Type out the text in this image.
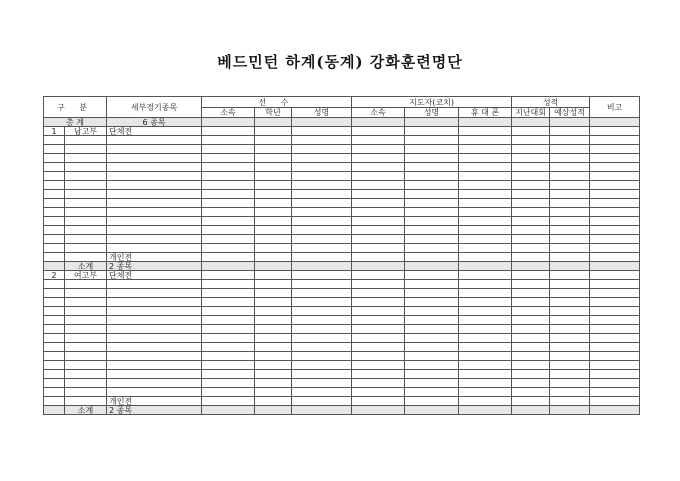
베드민턴 하계(동계) 강화훈련명단
구 분		세부경기종목	선 수			지도자(코치)			성적		비고
			소속	학년	성명	소속	성명	휴 대 폰	지난대회	예상성적	
총 계		6 종목									
1	남고부	단체전									

		개인전									
	소계	2 종목									
2	여고부	단체전									

		개인전									
	소계	2 종목									
